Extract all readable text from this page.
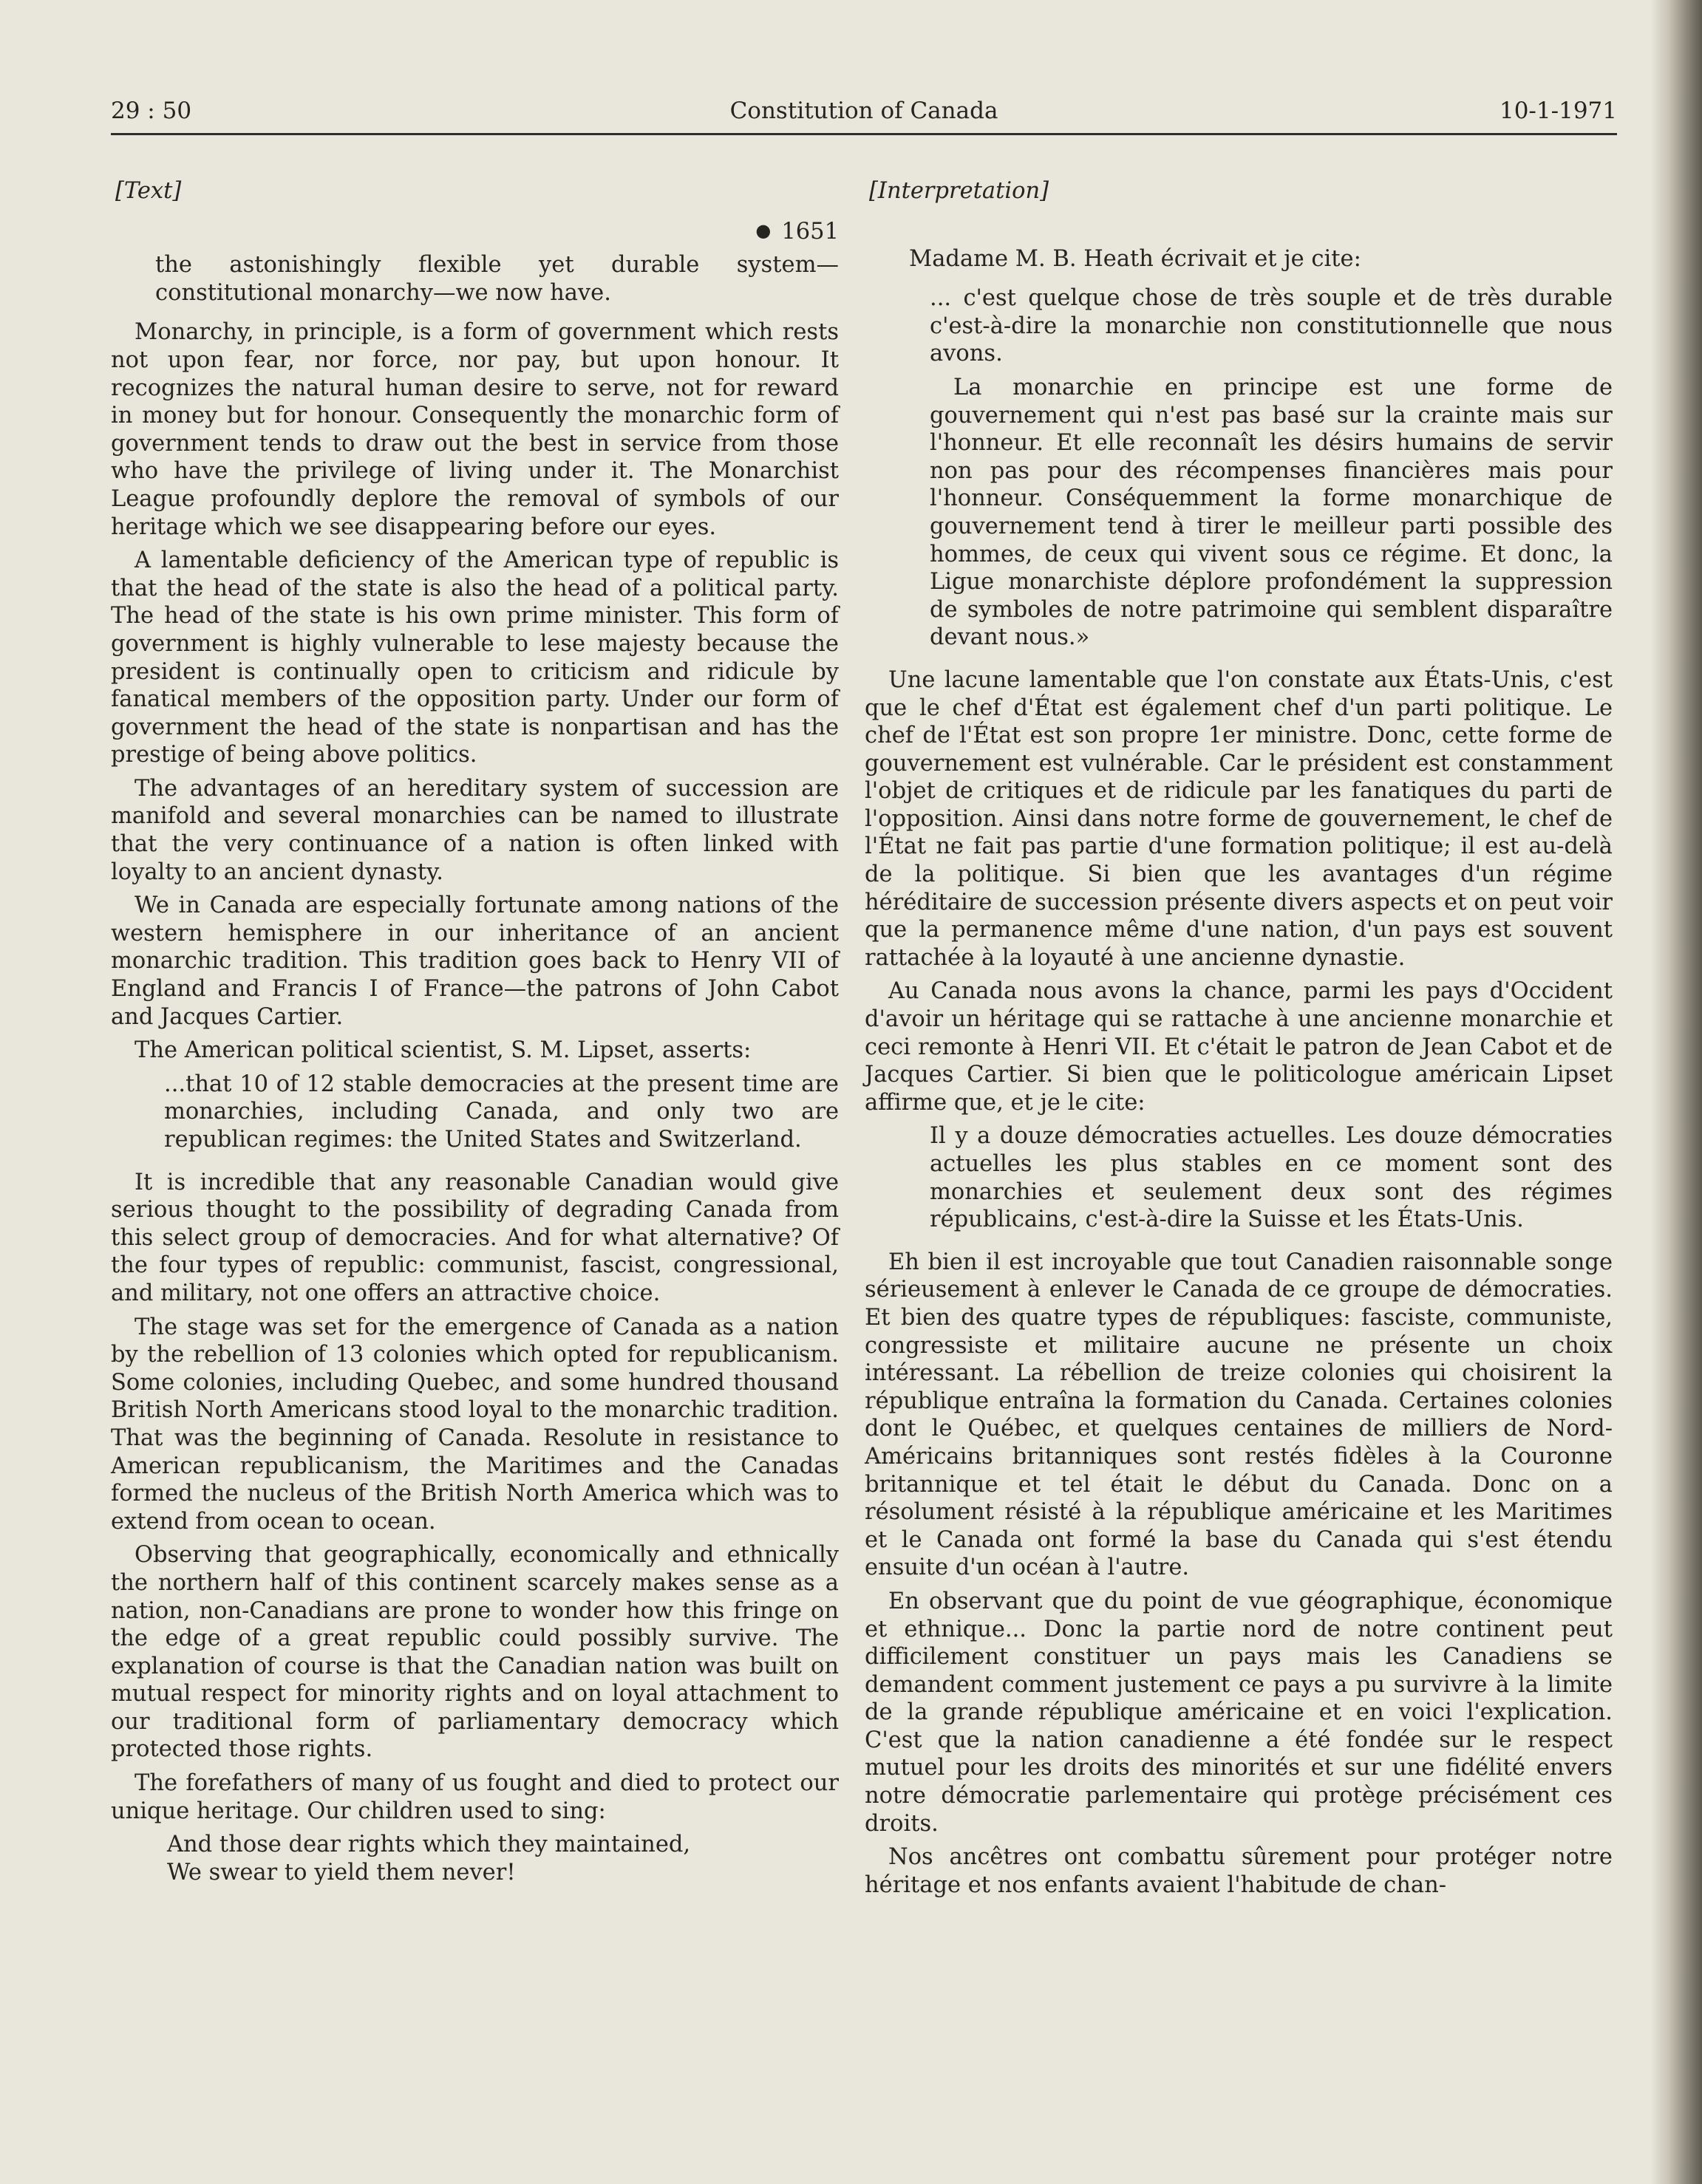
29 : 50	Constitution of Canada	10-1-1971
[Text]
● 1651

the astonishingly flexible yet durable system—constitutional monarchy—we now have.

Monarchy, in principle, is a form of government which rests not upon fear, nor force, nor pay, but upon honour. It recognizes the natural human desire to serve, not for reward in money but for honour. Consequently the monarchic form of government tends to draw out the best in service from those who have the privilege of living under it. The Monarchist League profoundly deplore the removal of symbols of our heritage which we see disappearing before our eyes.

A lamentable deficiency of the American type of republic is that the head of the state is also the head of a political party. The head of the state is his own prime minister. This form of government is highly vulnerable to lese majesty because the president is continually open to criticism and ridicule by fanatical members of the opposition party. Under our form of government the head of the state is nonpartisan and has the prestige of being above politics.

The advantages of an hereditary system of succession are manifold and several monarchies can be named to illustrate that the very continuance of a nation is often linked with loyalty to an ancient dynasty.

We in Canada are especially fortunate among nations of the western hemisphere in our inheritance of an ancient monarchic tradition. This tradition goes back to Henry VII of England and Francis I of France—the patrons of John Cabot and Jacques Cartier.

The American political scientist, S. M. Lipset, asserts:

...that 10 of 12 stable democracies at the present time are monarchies, including Canada, and only two are republican regimes: the United States and Switzerland.

It is incredible that any reasonable Canadian would give serious thought to the possibility of degrading Canada from this select group of democracies. And for what alternative? Of the four types of republic: communist, fascist, congressional, and military, not one offers an attractive choice.

The stage was set for the emergence of Canada as a nation by the rebellion of 13 colonies which opted for republicanism. Some colonies, including Quebec, and some hundred thousand British North Americans stood loyal to the monarchic tradition. That was the beginning of Canada. Resolute in resistance to American republicanism, the Maritimes and the Canadas formed the nucleus of the British North America which was to extend from ocean to ocean.

Observing that geographically, economically and ethnically the northern half of this continent scarcely makes sense as a nation, non-Canadians are prone to wonder how this fringe on the edge of a great republic could possibly survive. The explanation of course is that the Canadian nation was built on mutual respect for minority rights and on loyal attachment to our traditional form of parliamentary democracy which protected those rights.

The forefathers of many of us fought and died to protect our unique heritage. Our children used to sing:

And those dear rights which they maintained,
We swear to yield them never!
[Interpretation]

Madame M. B. Heath écrivait et je cite:

... c'est quelque chose de très souple et de très durable c'est-à-dire la monarchie non constitutionnelle que nous avons.

La monarchie en principe est une forme de gouvernement qui n'est pas basé sur la crainte mais sur l'honneur. Et elle reconnaît les désirs humains de servir non pas pour des récompenses financières mais pour l'honneur. Conséquemment la forme monarchique de gouvernement tend à tirer le meilleur parti possible des hommes, de ceux qui vivent sous ce régime. Et donc, la Ligue monarchiste déplore profondément la suppression de symboles de notre patrimoine qui semblent disparaître devant nous.»

Une lacune lamentable que l'on constate aux États-Unis, c'est que le chef d'État est également chef d'un parti politique. Le chef de l'État est son propre 1er ministre. Donc, cette forme de gouvernement est vulnérable. Car le président est constamment l'objet de critiques et de ridicule par les fanatiques du parti de l'opposition. Ainsi dans notre forme de gouvernement, le chef de l'État ne fait pas partie d'une formation politique; il est au-delà de la politique. Si bien que les avantages d'un régime héréditaire de succession présente divers aspects et on peut voir que la permanence même d'une nation, d'un pays est souvent rattachée à la loyauté à une ancienne dynastie.

Au Canada nous avons la chance, parmi les pays d'Occident d'avoir un héritage qui se rattache à une ancienne monarchie et ceci remonte à Henri VII. Et c'était le patron de Jean Cabot et de Jacques Cartier. Si bien que le politicologue américain Lipset affirme que, et je le cite:

Il y a douze démocraties actuelles. Les douze démocraties actuelles les plus stables en ce moment sont des monarchies et seulement deux sont des régimes républicains, c'est-à-dire la Suisse et les États-Unis.

Eh bien il est incroyable que tout Canadien raisonnable songe sérieusement à enlever le Canada de ce groupe de démocraties. Et bien des quatre types de républiques: fasciste, communiste, congressiste et militaire aucune ne présente un choix intéressant. La rébellion de treize colonies qui choisirent la république entraîna la formation du Canada. Certaines colonies dont le Québec, et quelques centaines de milliers de Nord-Américains britanniques sont restés fidèles à la Couronne britannique et tel était le début du Canada. Donc on a résolument résisté à la république américaine et les Maritimes et le Canada ont formé la base du Canada qui s'est étendu ensuite d'un océan à l'autre.

En observant que du point de vue géographique, économique et ethnique... Donc la partie nord de notre continent peut difficilement constituer un pays mais les Canadiens se demandent comment justement ce pays a pu survivre à la limite de la grande république américaine et en voici l'explication. C'est que la nation canadienne a été fondée sur le respect mutuel pour les droits des minorités et sur une fidélité envers notre démocratie parlementaire qui protège précisément ces droits.

Nos ancêtres ont combattu sûrement pour protéger notre héritage et nos enfants avaient l'habitude de chan-
